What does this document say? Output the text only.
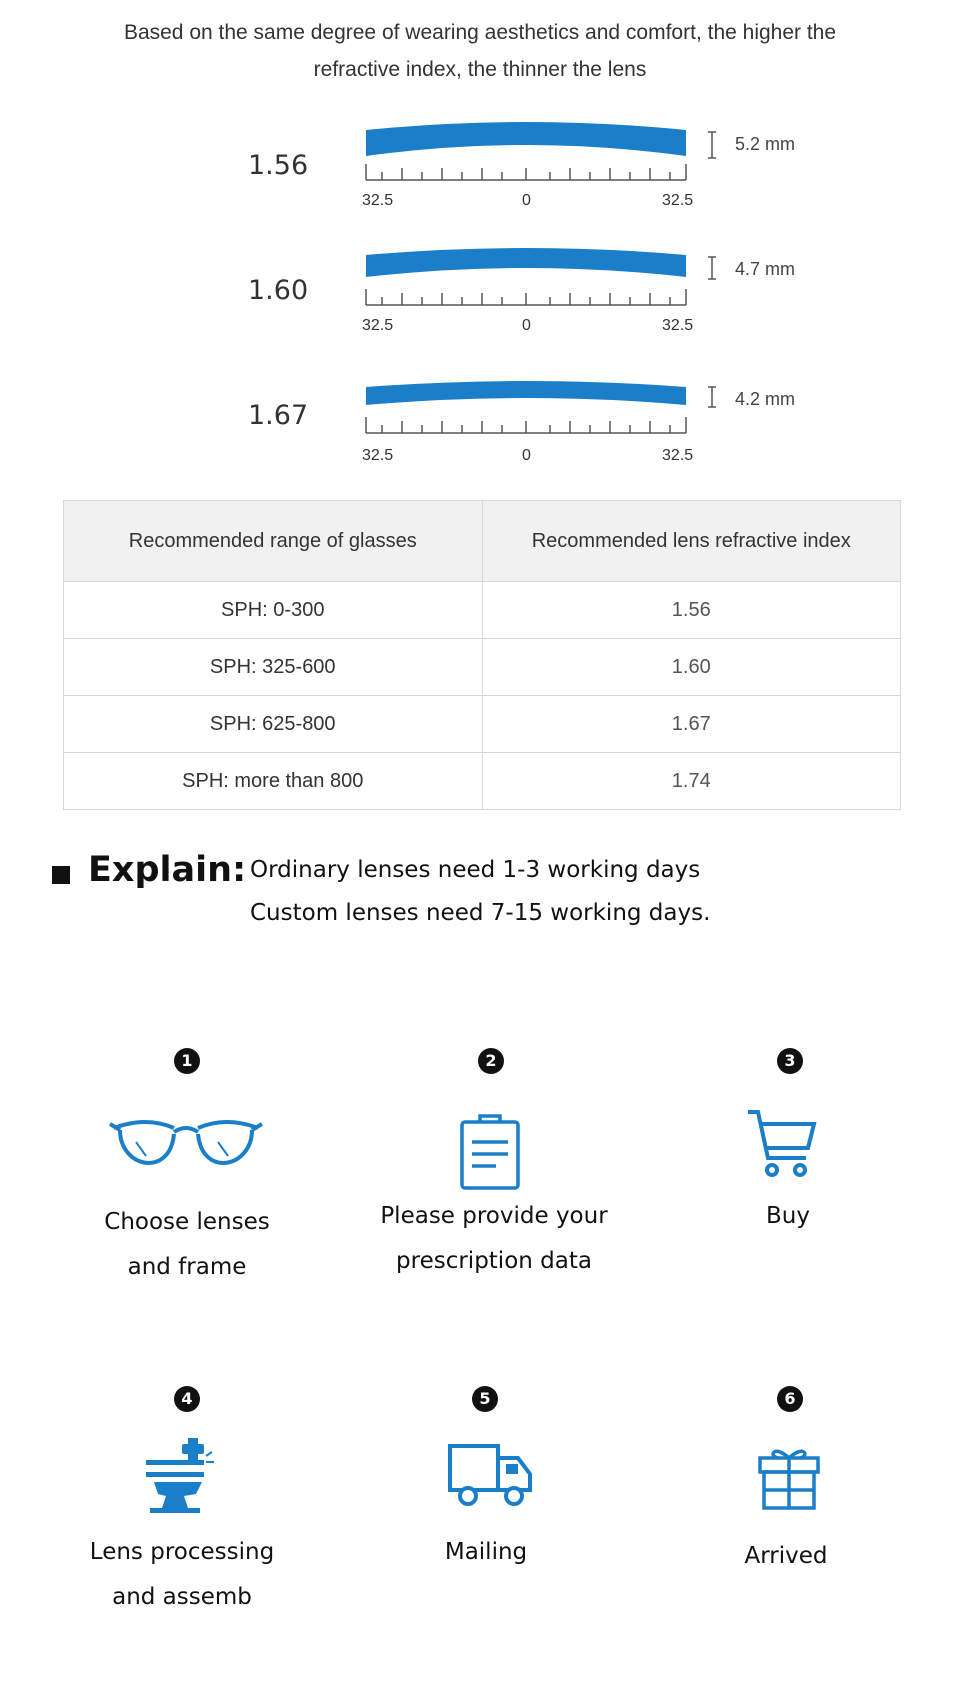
Based on the same degree of wearing aesthetics and comfort, the higher the
refractive index, the thinner the lens
1.56
5.2 mm
32.5	0	32.5
1.60
4.7 mm
32.5	0	32.5
1.67
4.2 mm
32.5	0	32.5
Recommended range of glasses	Recommended lens refractive index
SPH: 0-300	1.56
SPH: 325-600	1.60
SPH: 625-800	1.67
SPH: more than 800	1.74
Explain: Ordinary lenses need 1-3 working days
Custom lenses need 7-15 working days.
1
Choose lenses
and frame
2
Please provide your
prescription data
3
Buy
4
Lens processing
and assemb
5
Mailing
6
Arrived
